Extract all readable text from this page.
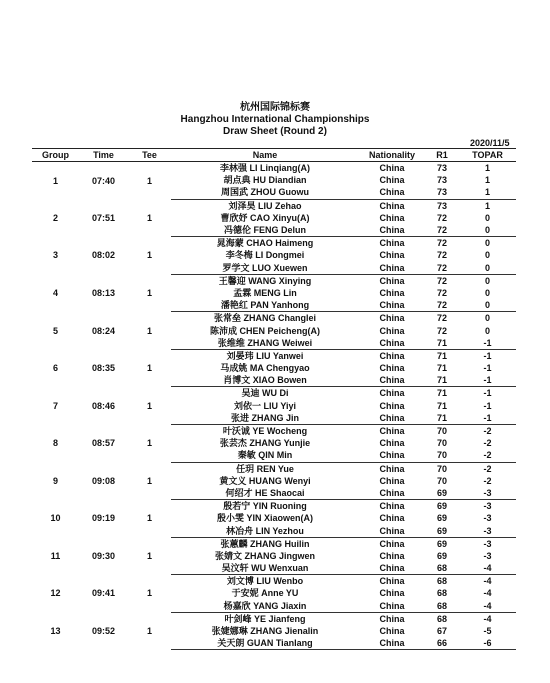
杭州国际锦标赛
Hangzhou International Championships
Draw Sheet (Round 2)
2020/11/5
Group	Time	Tee	Name	Nationality	R1	TOPAR
1	07:40	1	李林强 LI Linqiang(A)	China	73	1
			胡点典 HU Diandian	China	73	1
			周国武 ZHOU Guowu	China	73	1
2	07:51	1	刘泽昊 LIU Zehao	China	73	1
			曹欣妤 CAO Xinyu(A)	China	72	0
			冯德伦 FENG Delun	China	72	0
3	08:02	1	晁海蒙 CHAO Haimeng	China	72	0
			李冬梅 LI Dongmei	China	72	0
			罗学文 LUO Xuewen	China	72	0
4	08:13	1	王馨迎 WANG Xinying	China	72	0
			孟霖 MENG Lin	China	72	0
			潘艳红 PAN Yanhong	China	72	0
5	08:24	1	张常垒 ZHANG Changlei	China	72	0
			陈沛成 CHEN Peicheng(A)	China	72	0
			张维维 ZHANG Weiwei	China	71	-1
6	08:35	1	刘晏玮 LIU Yanwei	China	71	-1
			马成姚 MA Chengyao	China	71	-1
			肖博文 XIAO Bowen	China	71	-1
7	08:46	1	吴迪 WU Di	China	71	-1
			刘依一 LIU Yiyi	China	71	-1
			张进 ZHANG Jin	China	71	-1
8	08:57	1	叶沃诚 YE Wocheng	China	70	-2
			张芸杰 ZHANG Yunjie	China	70	-2
			秦敏 QIN Min	China	70	-2
9	09:08	1	任玥 REN Yue	China	70	-2
			黄文义 HUANG Wenyi	China	70	-2
			何绍才 HE Shaocai	China	69	-3
10	09:19	1	殷若宁 YIN Ruoning	China	69	-3
			殷小雯 YIN Xiaowen(A)	China	69	-3
			林冶舟 LIN Yezhou	China	69	-3
11	09:30	1	张蕙麟 ZHANG Huilin	China	69	-3
			张婧文 ZHANG Jingwen	China	69	-3
			吴汶轩 WU Wenxuan	China	68	-4
12	09:41	1	刘文博 LIU Wenbo	China	68	-4
			于安妮 Anne YU	China	68	-4
			杨嘉欣 YANG Jiaxin	China	68	-4
13	09:52	1	叶剑峰 YE Jianfeng	China	68	-4
			张婕娜琳 ZHANG Jienalin	China	67	-5
			关天朗 GUAN Tianlang	China	66	-6
